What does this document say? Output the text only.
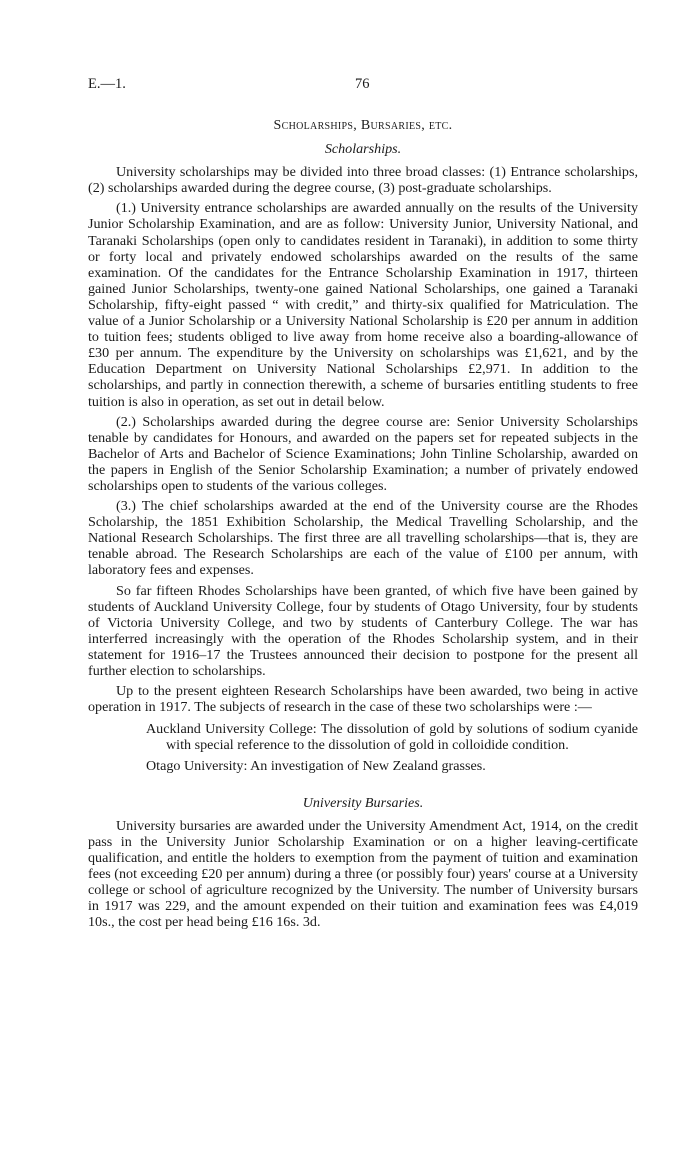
E.—1.	76
Scholarships, Bursaries, etc.
Scholarships.

University scholarships may be divided into three broad classes: (1) Entrance scholarships, (2) scholarships awarded during the degree course, (3) post-graduate scholarships.

(1.) University entrance scholarships are awarded annually on the results of the University Junior Scholarship Examination, and are as follow: University Junior, University National, and Taranaki Scholarships (open only to candidates resident in Taranaki), in addition to some thirty or forty local and privately endowed scholarships awarded on the results of the same examination. Of the candidates for the Entrance Scholarship Examination in 1917, thirteen gained Junior Scholarships, twenty-one gained National Scholarships, one gained a Taranaki Scholarship, fifty-eight passed “ with credit,” and thirty-six qualified for Matriculation. The value of a Junior Scholarship or a University National Scholarship is £20 per annum in addition to tuition fees; students obliged to live away from home receive also a boarding-allowance of £30 per annum. The expenditure by the University on scholarships was £1,621, and by the Education Department on University National Scholarships £2,971. In addition to the scholarships, and partly in connection therewith, a scheme of bursaries entitling students to free tuition is also in operation, as set out in detail below.

(2.) Scholarships awarded during the degree course are: Senior University Scholarships tenable by candidates for Honours, and awarded on the papers set for repeated subjects in the Bachelor of Arts and Bachelor of Science Examinations; John Tinline Scholarship, awarded on the papers in English of the Senior Scholarship Examination; a number of privately endowed scholarships open to students of the various colleges.

(3.) The chief scholarships awarded at the end of the University course are the Rhodes Scholarship, the 1851 Exhibition Scholarship, the Medical Travelling Scholarship, and the National Research Scholarships. The first three are all travelling scholarships—that is, they are tenable abroad. The Research Scholarships are each of the value of £100 per annum, with laboratory fees and expenses.

So far fifteen Rhodes Scholarships have been granted, of which five have been gained by students of Auckland University College, four by students of Otago University, four by students of Victoria University College, and two by students of Canterbury College. The war has interferred increasingly with the operation of the Rhodes Scholarship system, and in their statement for 1916–17 the Trustees announced their decision to postpone for the present all further election to scholarships.

Up to the present eighteen Research Scholarships have been awarded, two being in active operation in 1917. The subjects of research in the case of these two scholarships were :—

Auckland University College: The dissolution of gold by solutions of sodium cyanide with special reference to the dissolution of gold in colloidide condition.
Otago University: An investigation of New Zealand grasses.
University Bursaries.

University bursaries are awarded under the University Amendment Act, 1914, on the credit pass in the University Junior Scholarship Examination or on a higher leaving-certificate qualification, and entitle the holders to exemption from the payment of tuition and examination fees (not exceeding £20 per annum) during a three (or possibly four) years' course at a University college or school of agriculture recognized by the University. The number of University bursars in 1917 was 229, and the amount expended on their tuition and examination fees was £4,019 10s., the cost per head being £16 16s. 3d.
